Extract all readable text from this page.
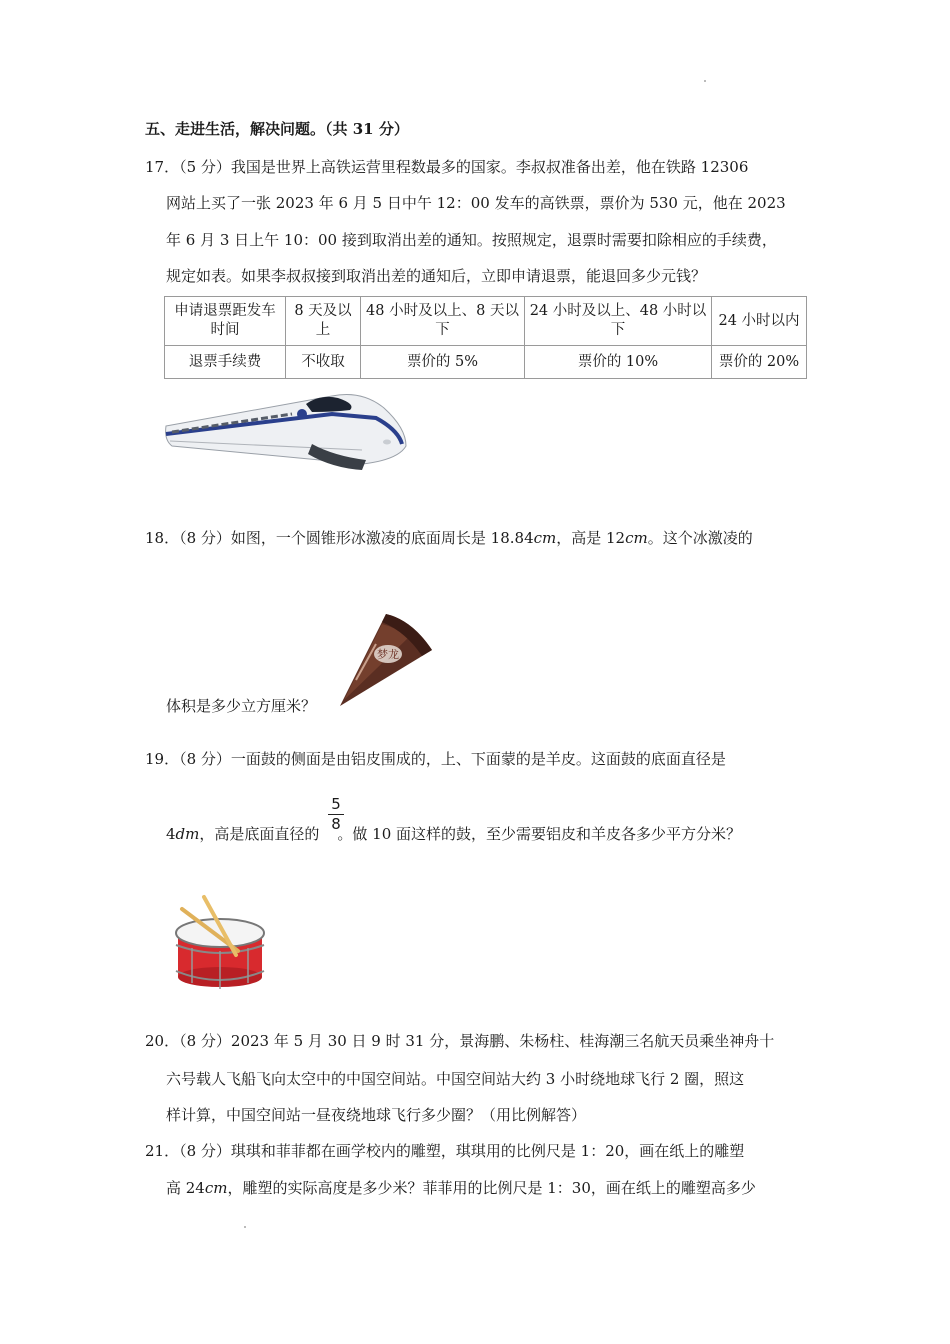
五、走进生活，解决问题。（共 31 分）
17．（5 分）我国是世界上高铁运营里程数最多的国家。李叔叔准备出差，他在铁路 12306
网站上买了一张 2023 年 6 月 5 日中午 12：00 发车的高铁票，票价为 530 元，他在 2023
年 6 月 3 日上午 10：00 接到取消出差的通知。按照规定，退票时需要扣除相应的手续费，
规定如表。如果李叔叔接到取消出差的通知后，立即申请退票，能退回多少元钱？
申请退票距发车时间	8 天及以上	48 小时及以上、8 天以下	24 小时及以上、48 小时以下	24 小时以内
退票手续费	不收取	票价的 5%	票价的 10%	票价的 20%
18．（8 分）如图，一个圆锥形冰激凌的底面周长是 18.84cm，高是 12cm。这个冰激凌的
梦龙
体积是多少立方厘米？
19．（8 分）一面鼓的侧面是由铝皮围成的，上、下面蒙的是羊皮。这面鼓的底面直径是
5
8
4dm，高是底面直径的 。做 10 面这样的鼓，至少需要铝皮和羊皮各多少平方分米？
20．（8 分）2023 年 5 月 30 日 9 时 31 分，景海鹏、朱杨柱、桂海潮三名航天员乘坐神舟十
六号载人飞船飞向太空中的中国空间站。中国空间站大约 3 小时绕地球飞行 2 圈，照这
样计算，中国空间站一昼夜绕地球飞行多少圈？（用比例解答）
21．（8 分）琪琪和菲菲都在画学校内的雕塑，琪琪用的比例尺是 1：20，画在纸上的雕塑
高 24cm，雕塑的实际高度是多少米？菲菲用的比例尺是 1：30，画在纸上的雕塑高多少
